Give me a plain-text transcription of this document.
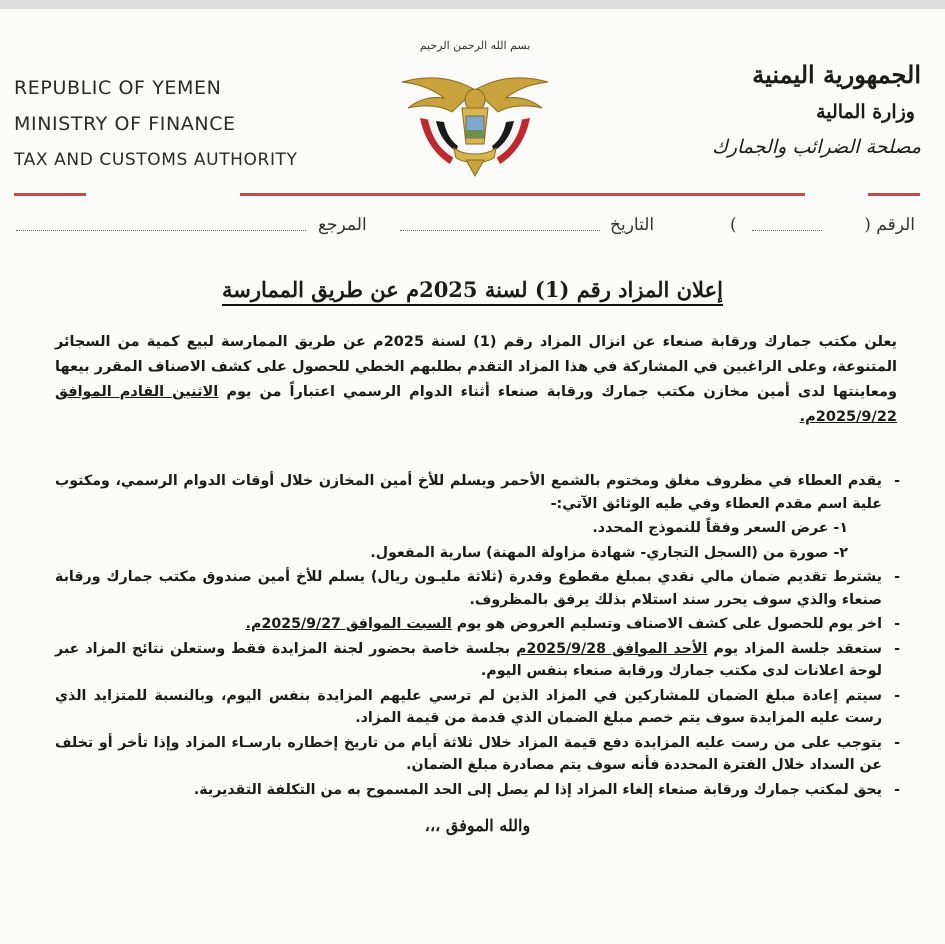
REPUBLIC OF YEMEN
MINISTRY OF FINANCE
TAX AND CUSTOMS AUTHORITY
بسم الله الرحمن الرحيم
الجمهورية اليمنية
وزارة المالية
مصلحة الضرائب والجمارك
الرقم (
)
التاريخ
المرجع
إعلان المزاد رقم (1) لسنة 2025م عن طريق الممارسة
يعلن مكتب جمارك ورقابة صنعاء عن انزال المزاد رقم (1) لسنة 2025م عن طريق الممارسة لبيع كمية من السجائر المتنوعة، وعلى الراغبين في المشاركة في هذا المزاد التقدم بطلبهم الخطي للحصول على كشف الاصناف المقرر بيعها ومعاينتها لدى أمين مخازن مكتب جمارك ورقابة صنعاء أثناء الدوام الرسمي اعتباراً من يوم الاثنين القادم الموافق 2025/9/22م.
-
يقدم العطاء في مظروف مغلق ومختوم بالشمع الأحمر ويسلم للأخ أمين المخازن خلال أوقات الدوام الرسمي، ومكتوب علية اسم مقدم العطاء وفي طيه الوثائق الآتي:-
١- عرض السعر وفقاً للنموذج المحدد.
٢- صورة من (السجل التجاري- شهادة مزاولة المهنة) سارية المفعول.
-
يشترط تقديم ضمان مالي نقدي بمبلغ مقطوع وقدرة (ثلاثة مليـون ريال) يسلم للأخ أمين صندوق مكتب جمارك ورقابة صنعاء والذي سوف يحرر سند استلام بذلك يرفق بالمظروف.
-
اخر يوم للحصول على كشف الاصناف وتسليم العروض هو يوم السبت الموافق 2025/9/27م.
-
ستعقد جلسة المزاد يوم الأحد الموافق 2025/9/28م بجلسة خاصة بحضور لجنة المزايدة فقط وستعلن نتائج المزاد عبر لوحة اعلانات لدى مكتب جمارك ورقابة صنعاء بنفس اليوم.
-
سيتم إعادة مبلغ الضمان للمشاركين في المزاد الذين لم ترسي عليهم المزايدة بنفس اليوم، وبالنسبة للمتزايد الذي رست عليه المزايدة سوف يتم خصم مبلغ الضمان الذي قدمة من قيمة المزاد.
-
يتوجب على من رست عليه المزايدة دفع قيمة المزاد خلال ثلاثة أيام من تاريخ إخطاره بارسـاء المزاد وإذا تأخر أو تخلف عن السداد خلال الفترة المحددة فأنه سوف يتم مصادرة مبلغ الضمان.
-
يحق لمكتب جمارك ورقابة صنعاء إلغاء المزاد إذا لم يصل إلى الحد المسموح به من التكلفة التقديرية.
والله الموفق ،،،
